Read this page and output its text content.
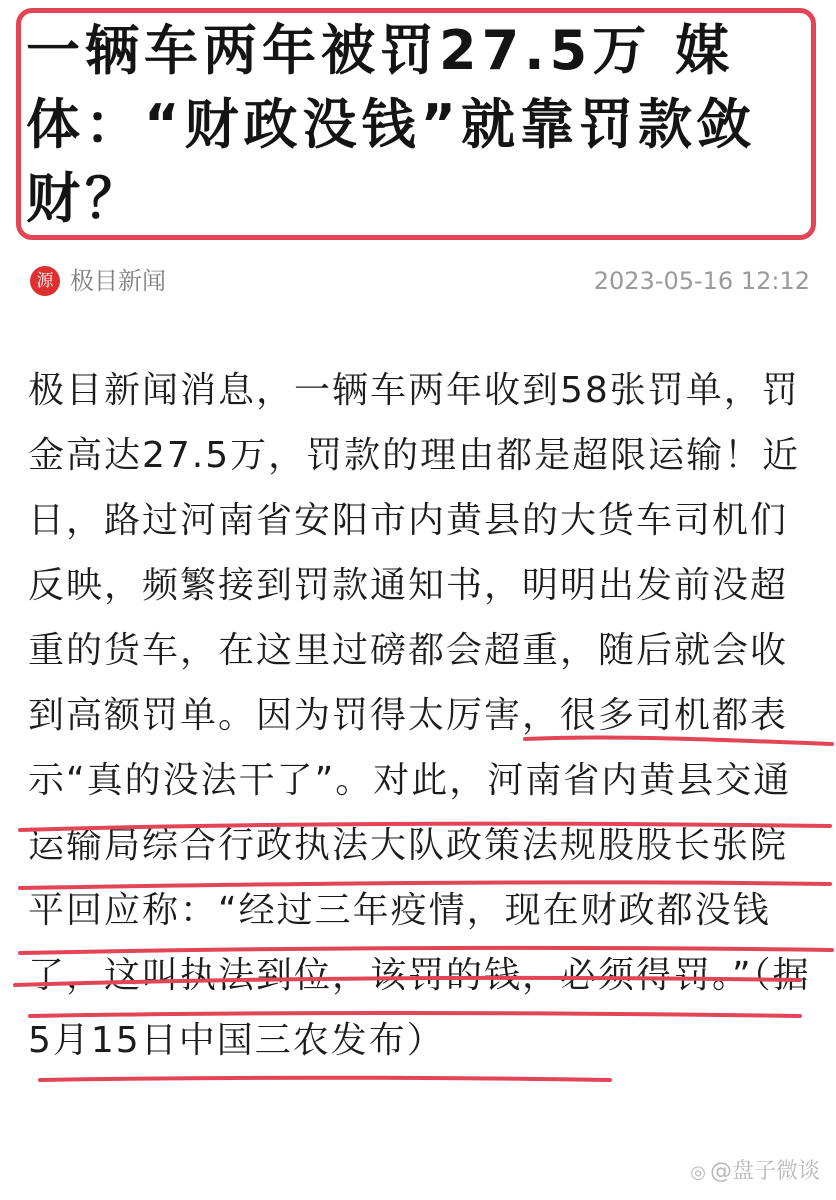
一辆车两年被罚27.5万 媒体：“财政没钱”就靠罚款敛财？
源 极目新闻	2023-05-16 12:12

极目新闻消息，一辆车两年收到58张罚单，罚金高达27.5万，罚款的理由都是超限运输！近日，路过河南省安阳市内黄县的大货车司机们反映，频繁接到罚款通知书，明明出发前没超重的货车，在这里过磅都会超重，随后就会收到高额罚单。因为罚得太厉害，很多司机都表示“真的没法干了”。对此，河南省内黄县交通运输局综合行政执法大队政策法规股股长张院平回应称：“经过三年疫情，现在财政都没钱了，这叫执法到位，该罚的钱，必须得罚。”（据5月15日中国三农发布）

◎ @盘子微谈
